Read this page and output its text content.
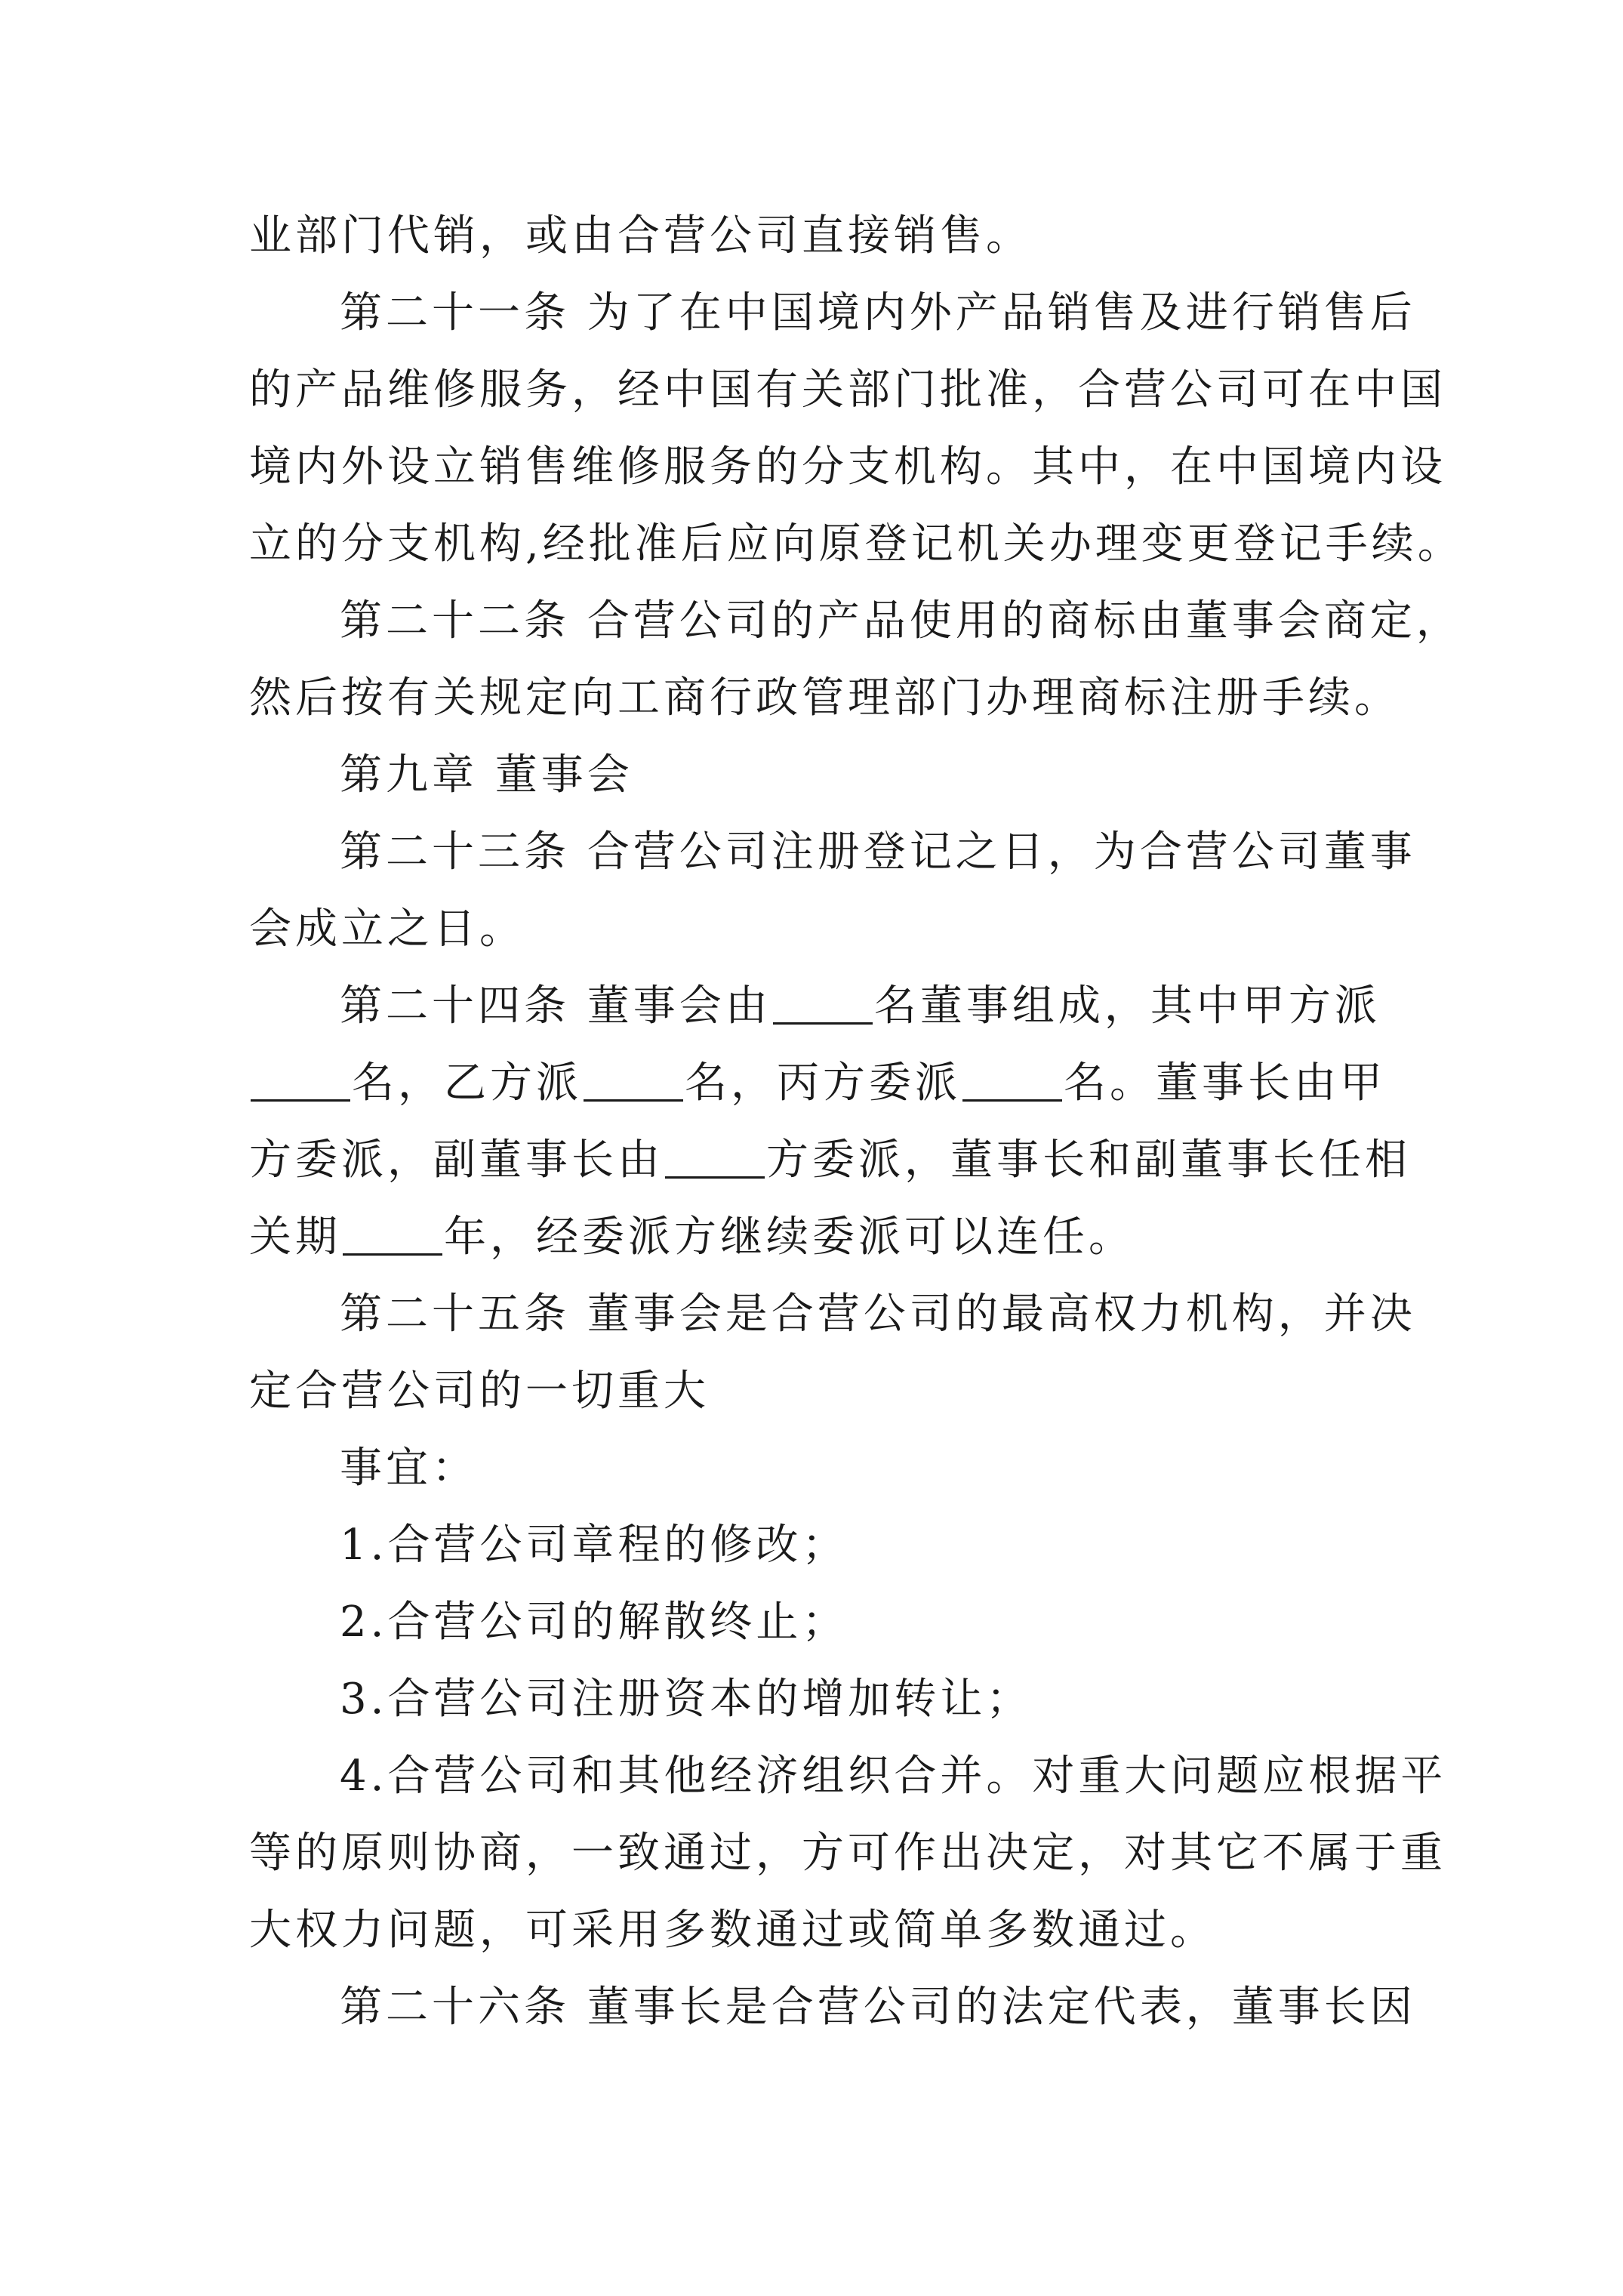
业部门代销，或由合营公司直接销售。
第二十一条 为了在中国境内外产品销售及进行销售后
的产品维修服务，经中国有关部门批准，合营公司可在中国
境内外设立销售维修服务的分支机构。其中，在中国境内设
立的分支机构,经批准后应向原登记机关办理变更登记手续。
第二十二条 合营公司的产品使用的商标由董事会商定，
然后按有关规定向工商行政管理部门办理商标注册手续。
第九章 董事会
第二十三条 合营公司注册登记之日，为合营公司董事
会成立之日。
第二十四条 董事会由 名董事组成，其中甲方派
名，乙方派 名，丙方委派 名。董事长由甲
方委派，副董事长由 方委派，董事长和副董事长任相
关期 年，经委派方继续委派可以连任。
第二十五条 董事会是合营公司的最高权力机构，并决
定合营公司的一切重大
事宜：
1.合营公司章程的修改；
2.合营公司的解散终止；
3.合营公司注册资本的增加转让；
4.合营公司和其他经济组织合并。对重大问题应根据平
等的原则协商，一致通过，方可作出决定，对其它不属于重
大权力问题，可采用多数通过或简单多数通过。
第二十六条 董事长是合营公司的法定代表，董事长因
